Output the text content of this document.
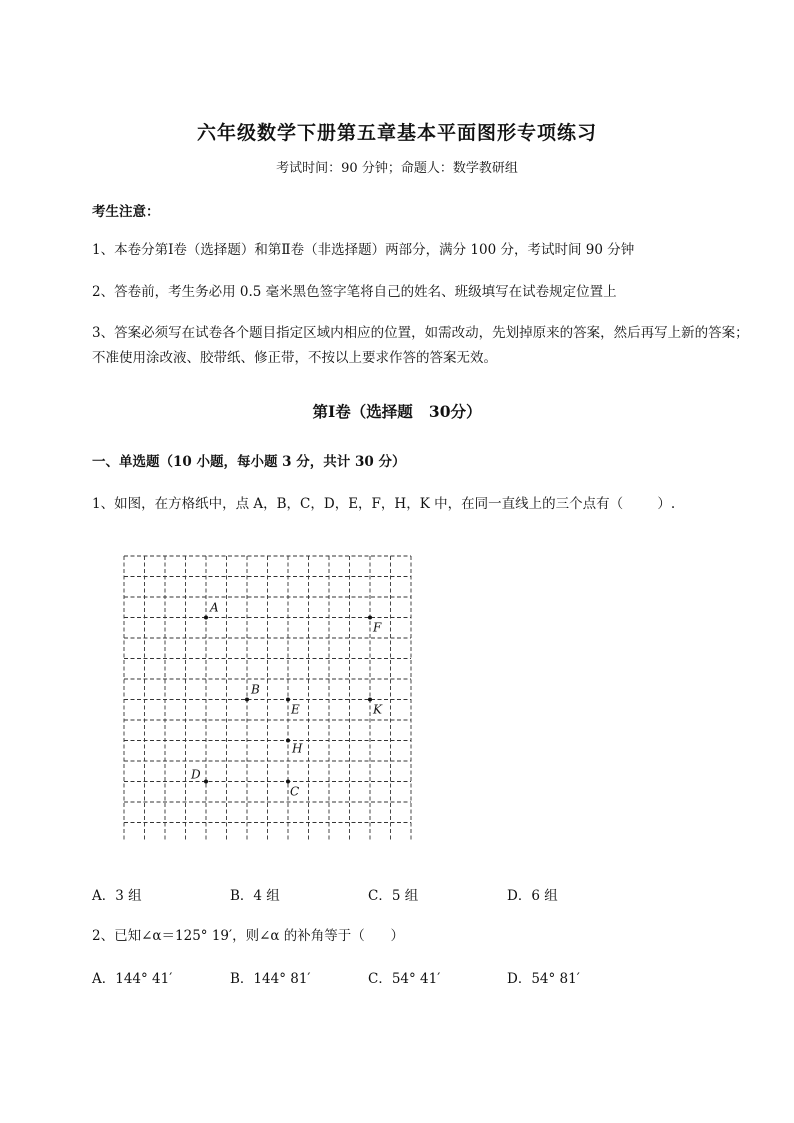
六年级数学下册第五章基本平面图形专项练习
考试时间：90 分钟；命题人：数学教研组
考生注意：
1、本卷分第Ⅰ卷（选择题）和第Ⅱ卷（非选择题）两部分，满分 100 分，考试时间 90 分钟
2、答卷前，考生务必用 0.5 毫米黑色签字笔将自己的姓名、班级填写在试卷规定位置上
3、答案必须写在试卷各个题目指定区域内相应的位置，如需改动，先划掉原来的答案，然后再写上新的答案；不准使用涂改液、胶带纸、修正带，不按以上要求作答的答案无效。
第Ⅰ卷（选择题   30分）
一、单选题（10 小题，每小题 3 分，共计 30 分）
1、如图，在方格纸中，点 A，B，C，D，E，F，H，K 中，在同一直线上的三个点有（        ）.
A
F
B
E	K
H
D
C
A．3 组	B．4 组	C．5 组	D．6 组
2、已知∠α＝125° 19′，则∠α 的补角等于（      ）
A．144° 41′	B．144° 81′	C．54° 41′	D．54° 81′
